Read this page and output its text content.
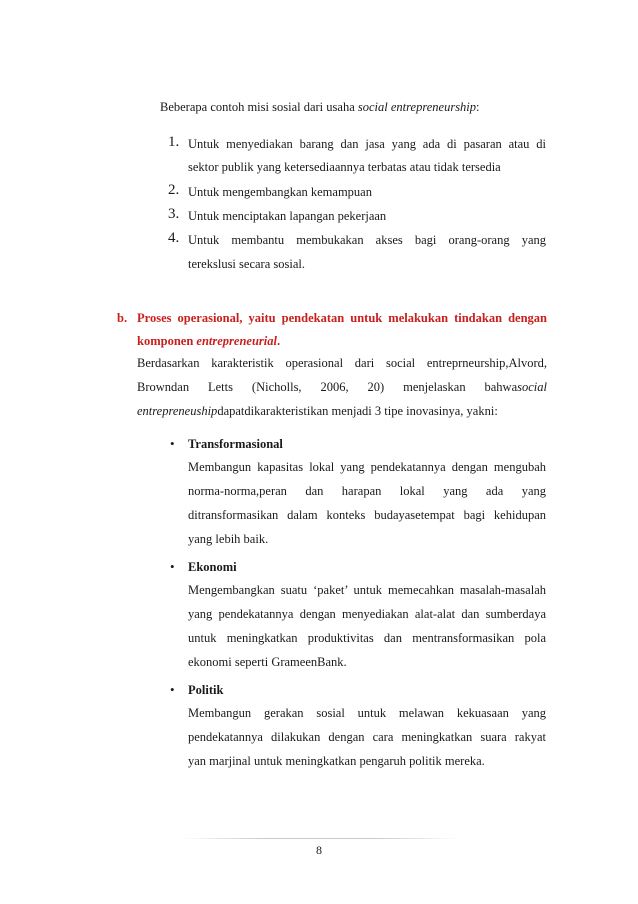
Beberapa contoh misi sosial dari usaha social entrepreneurship:
1. Untuk menyediakan barang dan jasa yang ada di pasaran atau di
sektor publik yang ketersediaannya terbatas atau tidak tersedia
2. Untuk mengembangkan kemampuan
3. Untuk menciptakan lapangan pekerjaan
4. Untuk membantu membukakan akses bagi orang-orang yang
terekslusi secara sosial.
b. Proses operasional, yaitu pendekatan untuk melakukan tindakan dengan
komponen entrepreneurial.
Berdasarkan karakteristik operasional dari social entreprneurship,Alvord,
Browndan Letts (Nicholls, 2006, 20) menjelaskan bahwasocial
entrepreneushipdapatdikarakteristikan menjadi 3 tipe inovasinya, yakni:
• Transformasional
Membangun kapasitas lokal yang pendekatannya dengan mengubah
norma-norma,peran dan harapan lokal yang ada yang
ditransformasikan dalam konteks budayasetempat bagi kehidupan
yang lebih baik.
• Ekonomi
Mengembangkan suatu ‘paket’ untuk memecahkan masalah-masalah
yang pendekatannya dengan menyediakan alat-alat dan sumberdaya
untuk meningkatkan produktivitas dan mentransformasikan pola
ekonomi seperti GrameenBank.
• Politik
Membangun gerakan sosial untuk melawan kekuasaan yang
pendekatannya dilakukan dengan cara meningkatkan suara rakyat
yan marjinal untuk meningkatkan pengaruh politik mereka.
8
